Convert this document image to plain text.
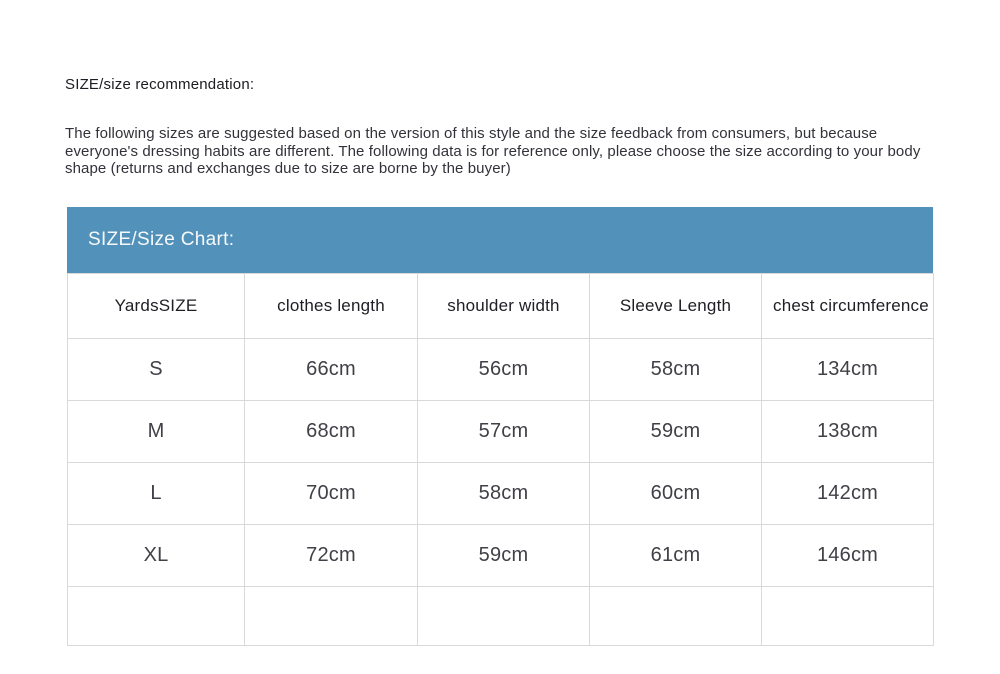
SIZE/size recommendation:
The following sizes are suggested based on the version of this style and the size feedback from consumers, but because everyone's dressing habits are different. The following data is for reference only, please choose the size according to your body shape (returns and exchanges due to size are borne by the buyer)
SIZE/Size Chart:
YardsSIZE	clothes length	shoulder width	Sleeve Length	chest circumference
S	66cm	56cm	58cm	134cm
M	68cm	57cm	59cm	138cm
L	70cm	58cm	60cm	142cm
XL	72cm	59cm	61cm	146cm
